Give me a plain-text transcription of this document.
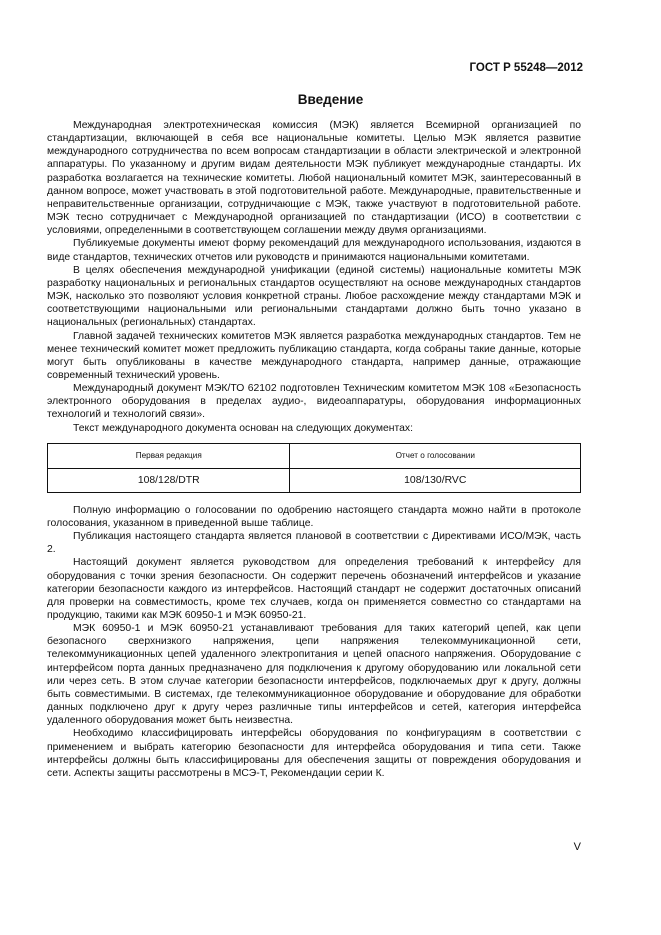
ГОСТ Р 55248—2012
Введение

Международная электротехническая комиссия (МЭК) является Всемирной организацией по стандартизации, включающей в себя все национальные комитеты. Целью МЭК является развитие международного сотрудничества по всем вопросам стандартизации в области электрической и электронной аппаратуры. По указанному и другим видам деятельности МЭК публикует международные стандарты. Их разработка возлагается на технические комитеты. Любой национальный комитет МЭК, заинтересованный в данном вопросе, может участвовать в этой подготовительной работе. Международные, правительственные и неправительственные организации, сотрудничающие с МЭК, также участвуют в подготовительной работе. МЭК тесно сотрудничает с Международной организацией по стандартизации (ИСО) в соответствии с условиями, определенными в соответствующем соглашении между двумя организациями.

Публикуемые документы имеют форму рекомендаций для международного использования, издаются в виде стандартов, технических отчетов или руководств и принимаются национальными комитетами.

В целях обеспечения международной унификации (единой системы) национальные комитеты МЭК разработку национальных и региональных стандартов осуществляют на основе международных стандартов МЭК, насколько это позволяют условия конкретной страны. Любое расхождение между стандартами МЭК и соответствующими национальными или региональными стандартами должно быть точно указано в национальных (региональных) стандартах.

Главной задачей технических комитетов МЭК является разработка международных стандартов. Тем не менее технический комитет может предложить публикацию стандарта, когда собраны такие данные, которые могут быть опубликованы в качестве международного стандарта, например данные, отражающие современный технический уровень.

Международный документ МЭК/ТО 62102 подготовлен Техническим комитетом МЭК 108 «Безопасность электронного оборудования в пределах аудио-, видеоаппаратуры, оборудования информационных технологий и технологий связи».

Текст международного документа основан на следующих документах:

Первая редакция	Отчет о голосовании
108/128/DTR	108/130/RVC

Полную информацию о голосовании по одобрению настоящего стандарта можно найти в протоколе голосования, указанном в приведенной выше таблице.

Публикация настоящего стандарта является плановой в соответствии с Директивами ИСО/МЭК, часть 2.

Настоящий документ является руководством для определения требований к интерфейсу для оборудования с точки зрения безопасности. Он содержит перечень обозначений интерфейсов и указание категории безопасности каждого из интерфейсов. Настоящий стандарт не содержит достаточных описаний для проверки на совместимость, кроме тех случаев, когда он применяется совместно со стандартами на продукцию, такими как МЭК 60950-1 и МЭК 60950-21.

МЭК 60950-1 и МЭК 60950-21 устанавливают требования для таких категорий цепей, как цепи безопасного сверхнизкого напряжения, цепи напряжения телекоммуникационной сети, телекоммуникационных цепей удаленного электропитания и цепей опасного напряжения. Оборудование с интерфейсом порта данных предназначено для подключения к другому оборудованию или локальной сети или через сеть. В этом случае категории безопасности интерфейсов, подключаемых друг к другу, должны быть совместимыми. В системах, где телекоммуникационное оборудование и оборудование для обработки данных подключено друг к другу через различные типы интерфейсов и сетей, категория интерфейса удаленного оборудования может быть неизвестна.

Необходимо классифицировать интерфейсы оборудования по конфигурациям в соответствии с применением и выбрать категорию безопасности для интерфейса оборудования и типа сети. Также интерфейсы должны быть классифицированы для обеспечения защиты от повреждения оборудования и сети. Аспекты защиты рассмотрены в МСЭ-Т, Рекомендации серии К.

V
